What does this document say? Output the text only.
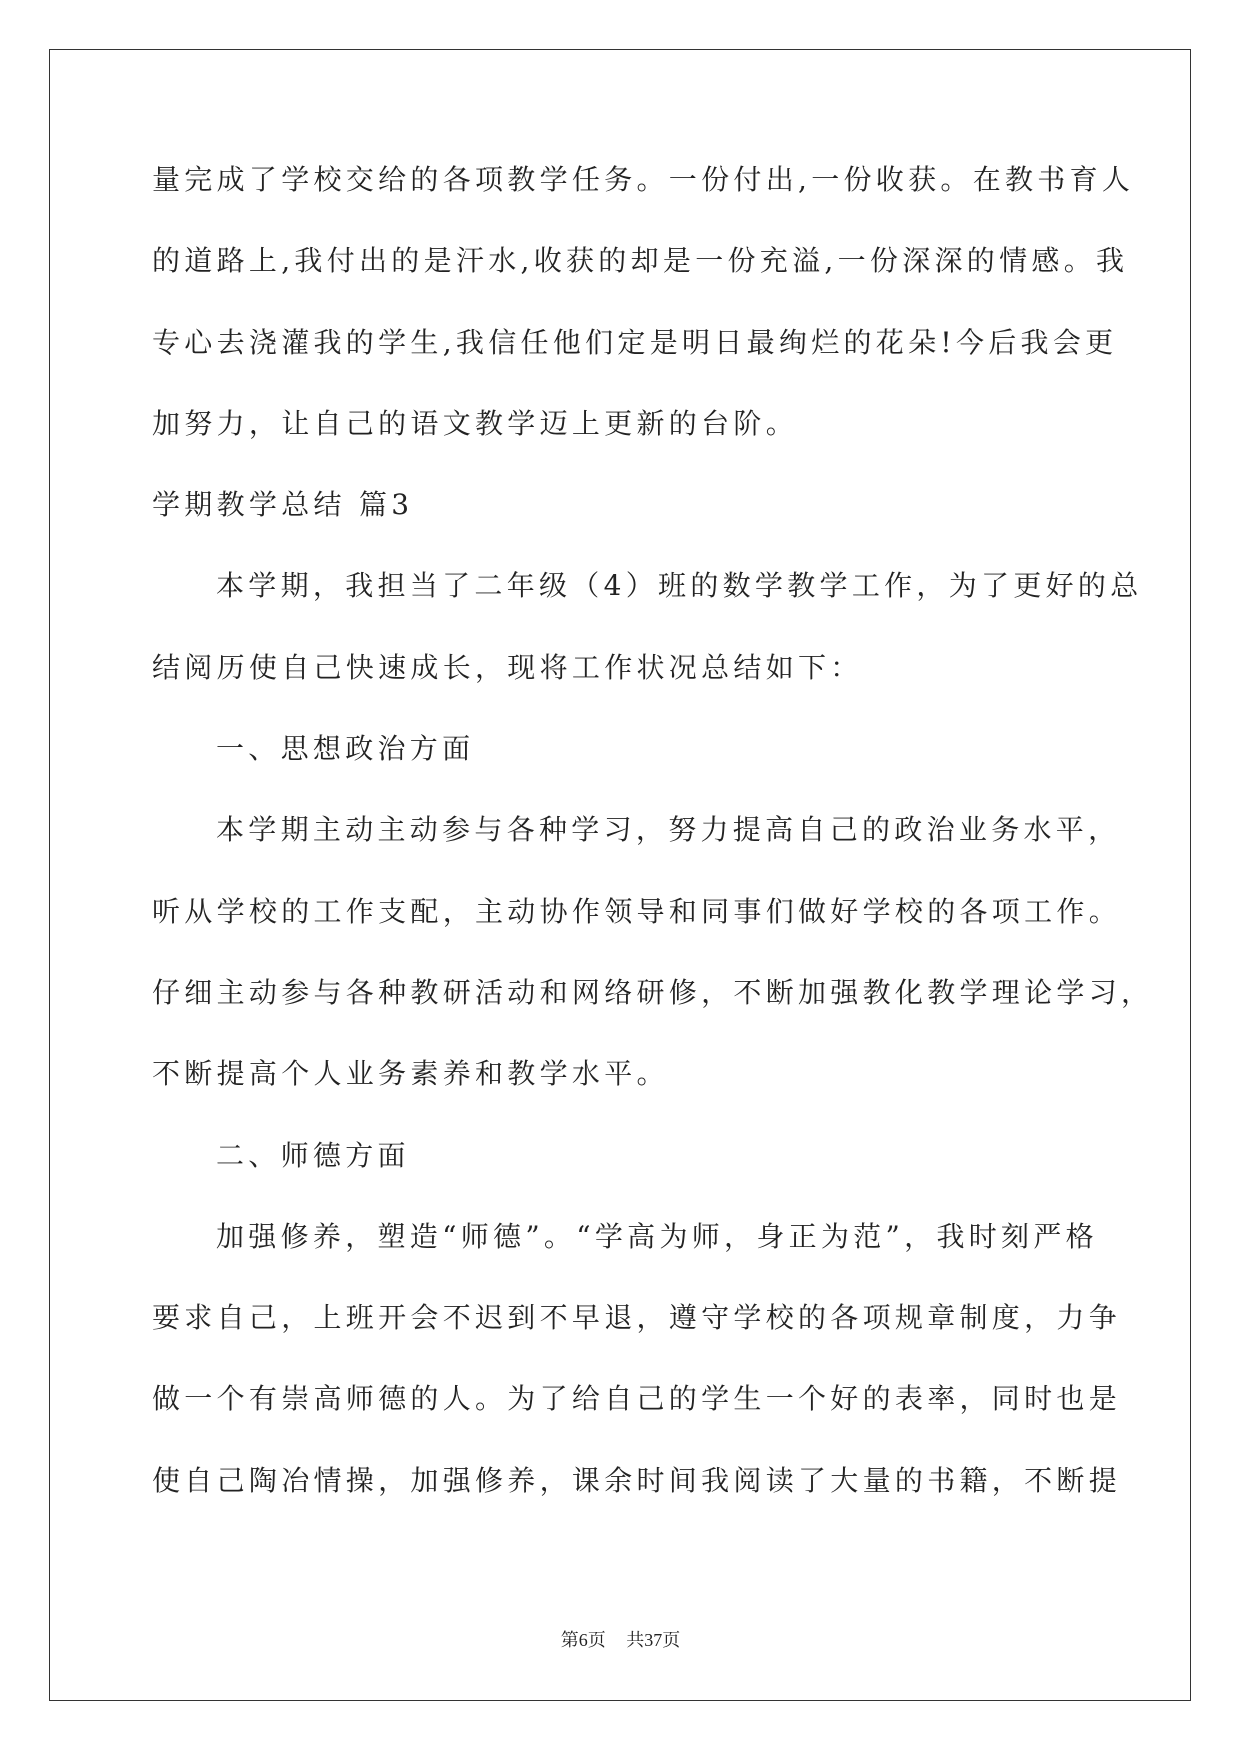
量完成了学校交给的各项教学任务。一份付出,一份收获。在教书育人
的道路上,我付出的是汗水,收获的却是一份充溢,一份深深的情感。我
专心去浇灌我的学生,我信任他们定是明日最绚烂的花朵!今后我会更
加努力，让自己的语文教学迈上更新的台阶。
学期教学总结 篇3
本学期，我担当了二年级（4）班的数学教学工作，为了更好的总
结阅历使自己快速成长，现将工作状况总结如下：
一、思想政治方面
本学期主动主动参与各种学习，努力提高自己的政治业务水平，
听从学校的工作支配，主动协作领导和同事们做好学校的各项工作。
仔细主动参与各种教研活动和网络研修，不断加强教化教学理论学习，
不断提高个人业务素养和教学水平。
二、师德方面
加强修养，塑造“师德”。“学高为师，身正为范”，我时刻严格
要求自己，上班开会不迟到不早退，遵守学校的各项规章制度，力争
做一个有崇高师德的人。为了给自己的学生一个好的表率，同时也是
使自己陶冶情操，加强修养，课余时间我阅读了大量的书籍，不断提
第6页 共37页
